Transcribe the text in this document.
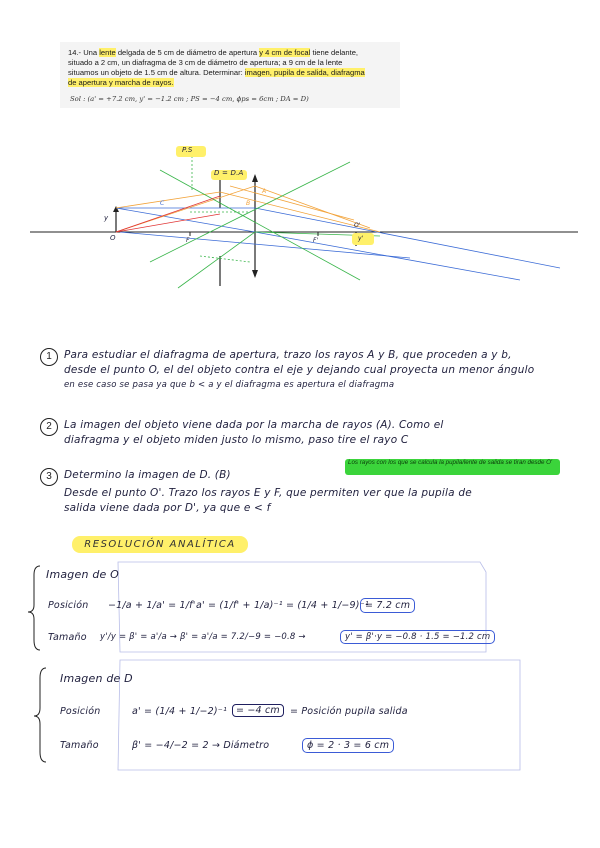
14.- Una lente delgada de 5 cm de diámetro de apertura y 4 cm de focal tiene delante,
situado a 2 cm, un diafragma de 3 cm de diámetro de apertura; a 9 cm de la lente
situamos un objeto de 1.5 cm de altura. Determinar: imagen, pupila de salida, diafragma
de apertura y marcha de rayos.
Sol : (a' = +7.2 cm, y' = −1.2 cm ; PS = −4 cm, ϕps = 6cm ; DA = D)
P.S
D = D.A
O
y
F	F'
O'
A
B
C
y'
1	Para estudiar el diafragma de apertura, trazo los rayos A y B, que proceden a y b,
desde el punto O, el del objeto contra el eje y dejando cual proyecta un menor ángulo
en ese caso se pasa ya que b < a y el diafragma es apertura el diafragma
2	La imagen del objeto viene dada por la marcha de rayos (A). Como el
diafragma y el objeto miden justo lo mismo, paso tire el rayo C
3	Determino la imagen de D. (B)
Los rayos con los que se calcula la pupila/lente de salida se tiran desde O'
Desde el punto O'. Trazo los rayos E y F, que permiten ver que la pupila de
salida viene dada por D', ya que e < f
RESOLUCIÓN ANALÍTICA
Imagen de O
Posición −1/a + 1/a' = 1/f' a' = (1/f' + 1/a)⁻¹ = (1/4 + 1/−9)⁻¹
= 7.2 cm
Tamaño y'/y = β' = a'/a → β' = a'/a = 7.2/−9 = −0.8 →	y' = β'·y = −0.8 · 1.5 = −1.2 cm
Imagen de D
Posición	a' = (1/4 + 1/−2)⁻¹ = −4 cm	= Posición pupila salida
Tamaño	β' = −4/−2 = 2 → Diámetro	ϕ = 2 · 3 = 6 cm
